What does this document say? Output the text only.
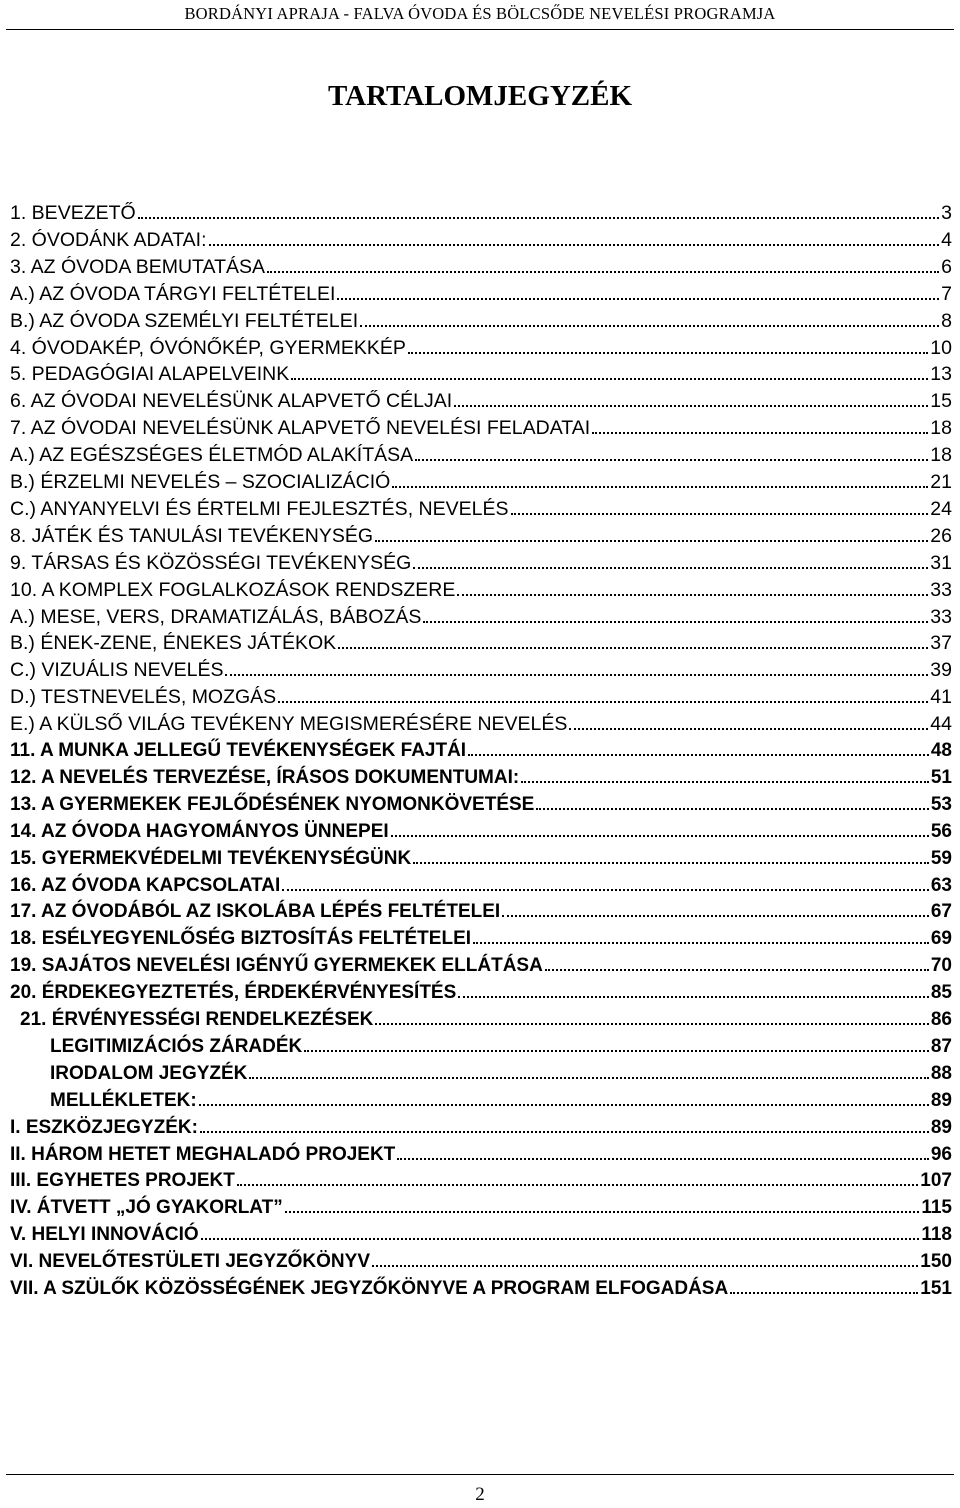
BORDÁNYI APRAJA - FALVA ÓVODA ÉS BÖLCSŐDE NEVELÉSI PROGRAMJA
TARTALOMJEGYZÉK
1. BEVEZETŐ	3
2. ÓVODÁNK ADATAI:	4
3. AZ ÓVODA BEMUTATÁSA	6
A.) AZ ÓVODA TÁRGYI FELTÉTELEI	7
B.) AZ ÓVODA SZEMÉLYI FELTÉTELEI	8
4. ÓVODAKÉP, ÓVÓNŐKÉP, GYERMEKKÉP	10
5. PEDAGÓGIAI ALAPELVEINK	13
6. AZ ÓVODAI NEVELÉSÜNK ALAPVETŐ CÉLJAI	15
7. AZ ÓVODAI NEVELÉSÜNK ALAPVETŐ NEVELÉSI FELADATAI	18
A.) AZ EGÉSZSÉGES ÉLETMÓD ALAKÍTÁSA	18
B.) ÉRZELMI NEVELÉS – SZOCIALIZÁCIÓ	21
C.) ANYANYELVI ÉS ÉRTELMI FEJLESZTÉS, NEVELÉS	24
8. JÁTÉK ÉS TANULÁSI TEVÉKENYSÉG	26
9. TÁRSAS ÉS KÖZÖSSÉGI TEVÉKENYSÉG	31
10. A KOMPLEX FOGLALKOZÁSOK RENDSZERE	33
A.) MESE, VERS, DRAMATIZÁLÁS, BÁBOZÁS	33
B.) ÉNEK-ZENE, ÉNEKES JÁTÉKOK	37
C.) VIZUÁLIS NEVELÉS	39
D.) TESTNEVELÉS, MOZGÁS	41
E.) A KÜLSŐ VILÁG TEVÉKENY MEGISMERÉSÉRE NEVELÉS	44
11. A MUNKA JELLEGŰ TEVÉKENYSÉGEK FAJTÁI	48
12. A NEVELÉS TERVEZÉSE, ÍRÁSOS DOKUMENTUMAI:	51
13. A GYERMEKEK FEJLŐDÉSÉNEK NYOMONKÖVETÉSE	53
14. AZ ÓVODA HAGYOMÁNYOS ÜNNEPEI	56
15. GYERMEKVÉDELMI TEVÉKENYSÉGÜNK	59
16. AZ ÓVODA KAPCSOLATAI	63
17. AZ ÓVODÁBÓL AZ ISKOLÁBA LÉPÉS FELTÉTELEI	67
18. ESÉLYEGYENLŐSÉG BIZTOSÍTÁS FELTÉTELEI	69
19. SAJÁTOS NEVELÉSI IGÉNYŰ GYERMEKEK ELLÁTÁSA	70
20. ÉRDEKEGYEZTETÉS, ÉRDEKÉRVÉNYESÍTÉS	85
21. ÉRVÉNYESSÉGI RENDELKEZÉSEK	86
LEGITIMIZÁCIÓS ZÁRADÉK	87
IRODALOM JEGYZÉK	88
MELLÉKLETEK:	89
I. ESZKÖZJEGYZÉK:	89
II. HÁROM HETET MEGHALADÓ PROJEKT	96
III. EGYHETES PROJEKT	107
IV. ÁTVETT „JÓ GYAKORLAT”	115
V. HELYI INNOVÁCIÓ	118
VI. NEVELŐTESTÜLETI JEGYZŐKÖNYV	150
VII. A SZÜLŐK KÖZÖSSÉGÉNEK JEGYZŐKÖNYVE A PROGRAM ELFOGADÁSA	151
2
